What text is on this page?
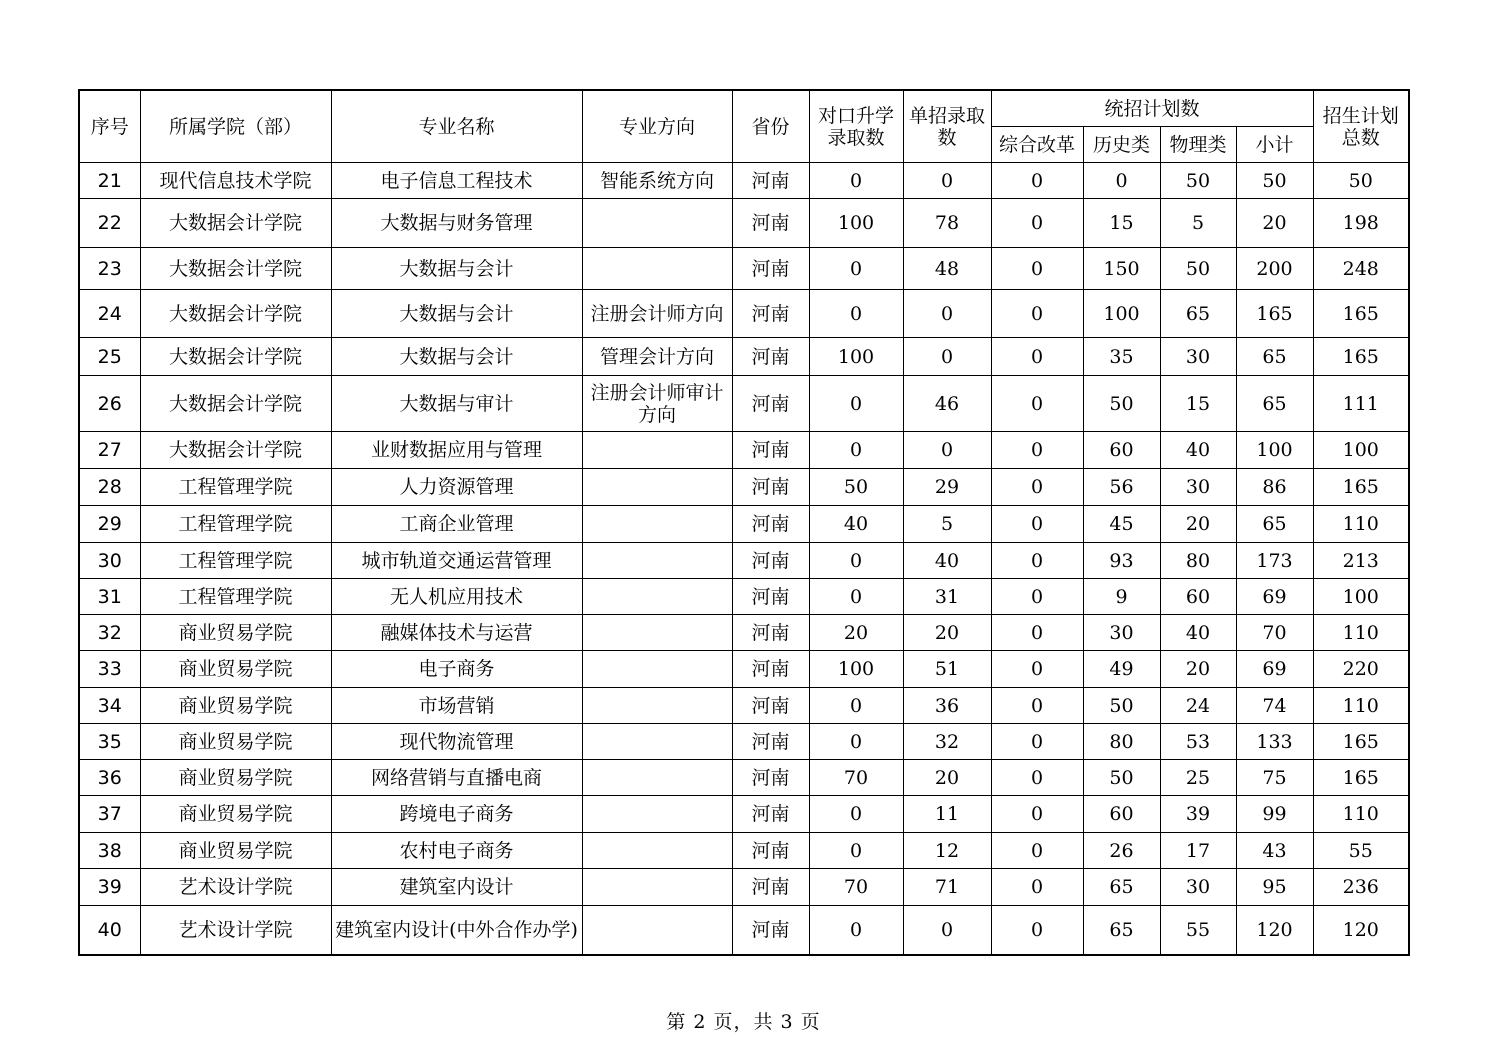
序号	所属学院（部）	专业名称	专业方向	省份	对口升学录取数	单招录取数	统招计划数				招生计划总数
							综合改革	历史类	物理类	小计	
21	现代信息技术学院	电子信息工程技术	智能系统方向	河南	0	0	0	0	50	50	50
22	大数据会计学院	大数据与财务管理		河南	100	78	0	15	5	20	198
23	大数据会计学院	大数据与会计		河南	0	48	0	150	50	200	248
24	大数据会计学院	大数据与会计	注册会计师方向	河南	0	0	0	100	65	165	165
25	大数据会计学院	大数据与会计	管理会计方向	河南	100	0	0	35	30	65	165
26	大数据会计学院	大数据与审计	注册会计师审计方向	河南	0	46	0	50	15	65	111
27	大数据会计学院	业财数据应用与管理		河南	0	0	0	60	40	100	100
28	工程管理学院	人力资源管理		河南	50	29	0	56	30	86	165
29	工程管理学院	工商企业管理		河南	40	5	0	45	20	65	110
30	工程管理学院	城市轨道交通运营管理		河南	0	40	0	93	80	173	213
31	工程管理学院	无人机应用技术		河南	0	31	0	9	60	69	100
32	商业贸易学院	融媒体技术与运营		河南	20	20	0	30	40	70	110
33	商业贸易学院	电子商务		河南	100	51	0	49	20	69	220
34	商业贸易学院	市场营销		河南	0	36	0	50	24	74	110
35	商业贸易学院	现代物流管理		河南	0	32	0	80	53	133	165
36	商业贸易学院	网络营销与直播电商		河南	70	20	0	50	25	75	165
37	商业贸易学院	跨境电子商务		河南	0	11	0	60	39	99	110
38	商业贸易学院	农村电子商务		河南	0	12	0	26	17	43	55
39	艺术设计学院	建筑室内设计		河南	70	71	0	65	30	95	236
40	艺术设计学院	建筑室内设计(中外合作办学)		河南	0	0	0	65	55	120	120
第 2 页，共 3 页
